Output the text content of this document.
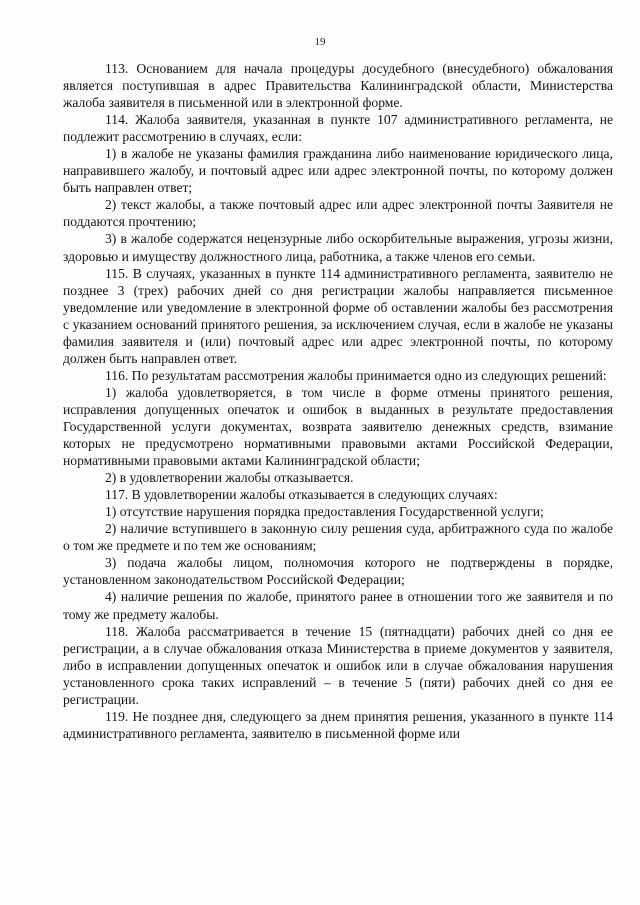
19

113. Основанием для начала процедуры досудебного (внесудебного) обжалования является поступившая в адрес Правительства Калининградской области, Министерства жалоба заявителя в письменной или в электронной форме.

114. Жалоба заявителя, указанная в пункте 107 административного регламента, не подлежит рассмотрению в случаях, если:

1) в жалобе не указаны фамилия гражданина либо наименование юридического лица, направившего жалобу, и почтовый адрес или адрес электронной почты, по которому должен быть направлен ответ;

2) текст жалобы, а также почтовый адрес или адрес электронной почты Заявителя не поддаются прочтению;

3) в жалобе содержатся нецензурные либо оскорбительные выражения, угрозы жизни, здоровью и имуществу должностного лица, работника, а также членов его семьи.

115. В случаях, указанных в пункте 114 административного регламента, заявителю не позднее 3 (трех) рабочих дней со дня регистрации жалобы направляется письменное уведомление или уведомление в электронной форме об оставлении жалобы без рассмотрения с указанием оснований принятого решения, за исключением случая, если в жалобе не указаны фамилия заявителя и (или) почтовый адрес или адрес электронной почты, по которому должен быть направлен ответ.

116. По результатам рассмотрения жалобы принимается одно из следующих решений:

1) жалоба удовлетворяется, в том числе в форме отмены принятого решения, исправления допущенных опечаток и ошибок в выданных в результате предоставления Государственной услуги документах, возврата заявителю денежных средств, взимание которых не предусмотрено нормативными правовыми актами Российской Федерации, нормативными правовыми актами Калининградской области;

2) в удовлетворении жалобы отказывается.

117. В удовлетворении жалобы отказывается в следующих случаях:

1) отсутствие нарушения порядка предоставления Государственной услуги;

2) наличие вступившего в законную силу решения суда, арбитражного суда по жалобе о том же предмете и по тем же основаниям;

3) подача жалобы лицом, полномочия которого не подтверждены в порядке, установленном законодательством Российской Федерации;

4) наличие решения по жалобе, принятого ранее в отношении того же заявителя и по тому же предмету жалобы.

118. Жалоба рассматривается в течение 15 (пятнадцати) рабочих дней со дня ее регистрации, а в случае обжалования отказа Министерства в приеме документов у заявителя, либо в исправлении допущенных опечаток и ошибок или в случае обжалования нарушения установленного срока таких исправлений – в течение 5 (пяти) рабочих дней со дня ее регистрации.

119. Не позднее дня, следующего за днем принятия решения, указанного в пункте 114 административного регламента, заявителю в письменной форме или
